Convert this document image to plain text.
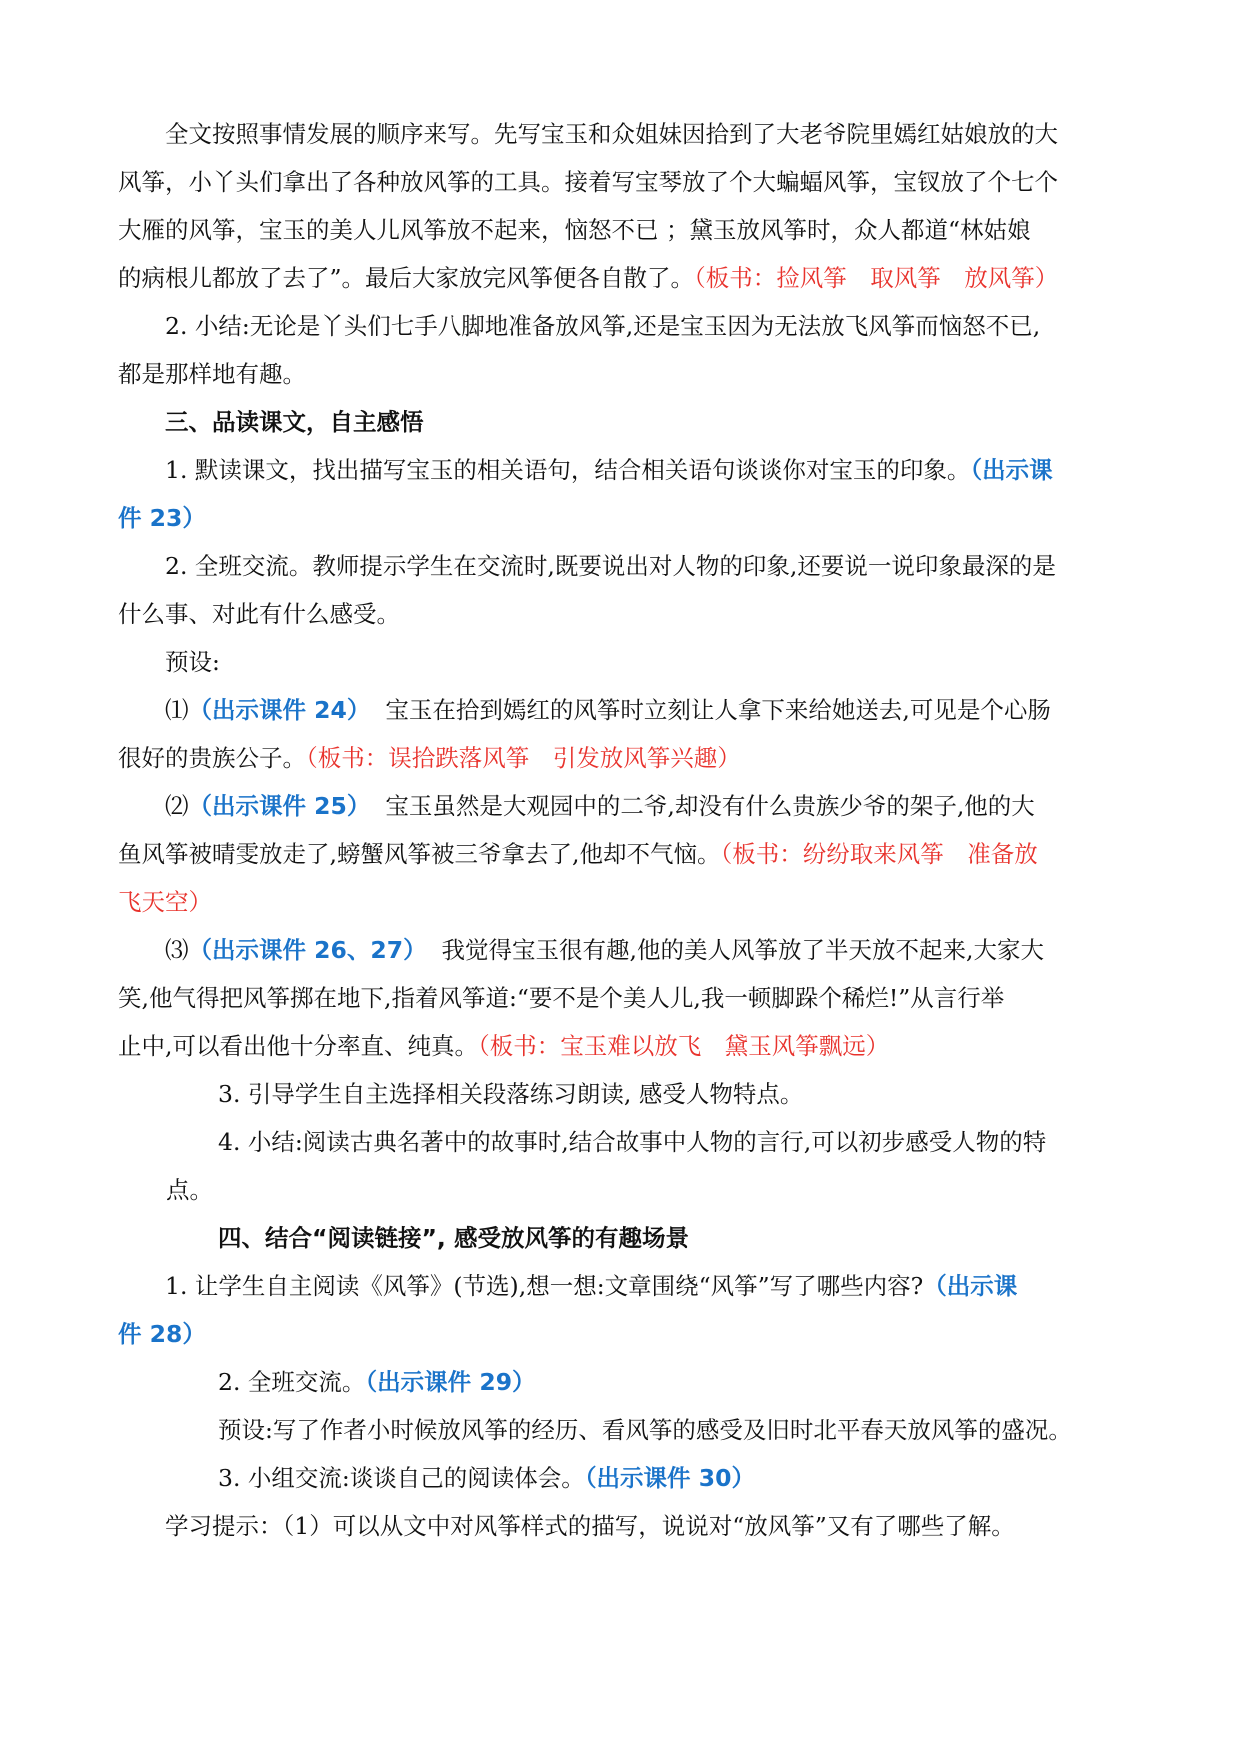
全文按照事情发展的顺序来写。先写宝玉和众姐妹因拾到了大老爷院里嫣红姑娘放的大
风筝，小丫头们拿出了各种放风筝的工具。接着写宝琴放了个大蝙蝠风筝，宝钗放了个七个
大雁的风筝，宝玉的美人儿风筝放不起来，恼怒不已 ；黛玉放风筝时，众人都道“林姑娘
的病根儿都放了去了”。最后大家放完风筝便各自散了。（板书：捡风筝　取风筝　放风筝）
2. 小结:无论是丫头们七手八脚地准备放风筝,还是宝玉因为无法放飞风筝而恼怒不已,
都是那样地有趣。
三、品读课文，自主感悟
1. 默读课文，找出描写宝玉的相关语句，结合相关语句谈谈你对宝玉的印象。（出示课
件 23）
2. 全班交流。教师提示学生在交流时,既要说出对人物的印象,还要说一说印象最深的是
什么事、对此有什么感受。
预设:
⑴（出示课件 24） 宝玉在拾到嫣红的风筝时立刻让人拿下来给她送去,可见是个心肠
很好的贵族公子。（板书：误拾跌落风筝　引发放风筝兴趣）
⑵（出示课件 25） 宝玉虽然是大观园中的二爷,却没有什么贵族少爷的架子,他的大
鱼风筝被晴雯放走了,螃蟹风筝被三爷拿去了,他却不气恼。（板书：纷纷取来风筝　准备放
飞天空）
⑶（出示课件 26、27） 我觉得宝玉很有趣,他的美人风筝放了半天放不起来,大家大
笑,他气得把风筝掷在地下,指着风筝道:“要不是个美人儿,我一顿脚跺个稀烂!”从言行举
止中,可以看出他十分率直、纯真。（板书：宝玉难以放飞　黛玉风筝飘远）
3. 引导学生自主选择相关段落练习朗读, 感受人物特点。
4. 小结:阅读古典名著中的故事时,结合故事中人物的言行,可以初步感受人物的特
点。
四、结合“阅读链接”, 感受放风筝的有趣场景
1. 让学生自主阅读《风筝》(节选),想一想:文章围绕“风筝”写了哪些内容?（出示课
件 28）
2. 全班交流。（出示课件 29）
预设:写了作者小时候放风筝的经历、看风筝的感受及旧时北平春天放风筝的盛况。
3. 小组交流:谈谈自己的阅读体会。（出示课件 30）
学习提示：（1）可以从文中对风筝样式的描写，说说对“放风筝”又有了哪些了解。
